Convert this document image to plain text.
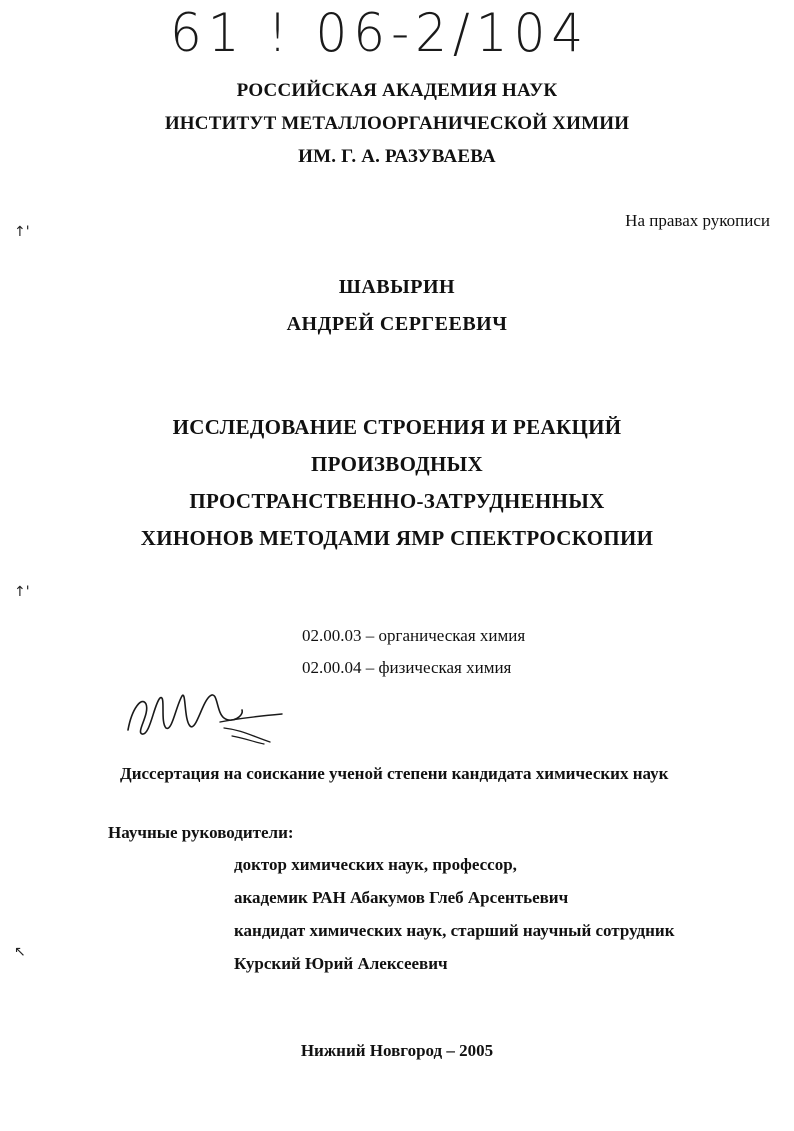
61 ! 06-2/104
РОССИЙСКАЯ АКАДЕМИЯ НАУК
ИНСТИТУТ МЕТАЛЛООРГАНИЧЕСКОЙ ХИМИИ
ИМ. Г. А. РАЗУВАЕВА
На правах рукописи
ШАВЫРИН
АНДРЕЙ СЕРГЕЕВИЧ
ИССЛЕДОВАНИЕ СТРОЕНИЯ И РЕАКЦИЙ
ПРОИЗВОДНЫХ
ПРОСТРАНСТВЕННО-ЗАТРУДНЕННЫХ
ХИНОНОВ МЕТОДАМИ ЯМР СПЕКТРОСКОПИИ
02.00.03 – органическая химия
02.00.04 – физическая химия
Диссертация на соискание ученой степени кандидата химических наук
Научные руководители:
доктор химических наук, профессор,
академик РАН Абакумов Глеб Арсентьевич
кандидат химических наук, старший научный сотрудник
Курский Юрий Алексеевич
Нижний Новгород – 2005
↑'
↑'
↖
